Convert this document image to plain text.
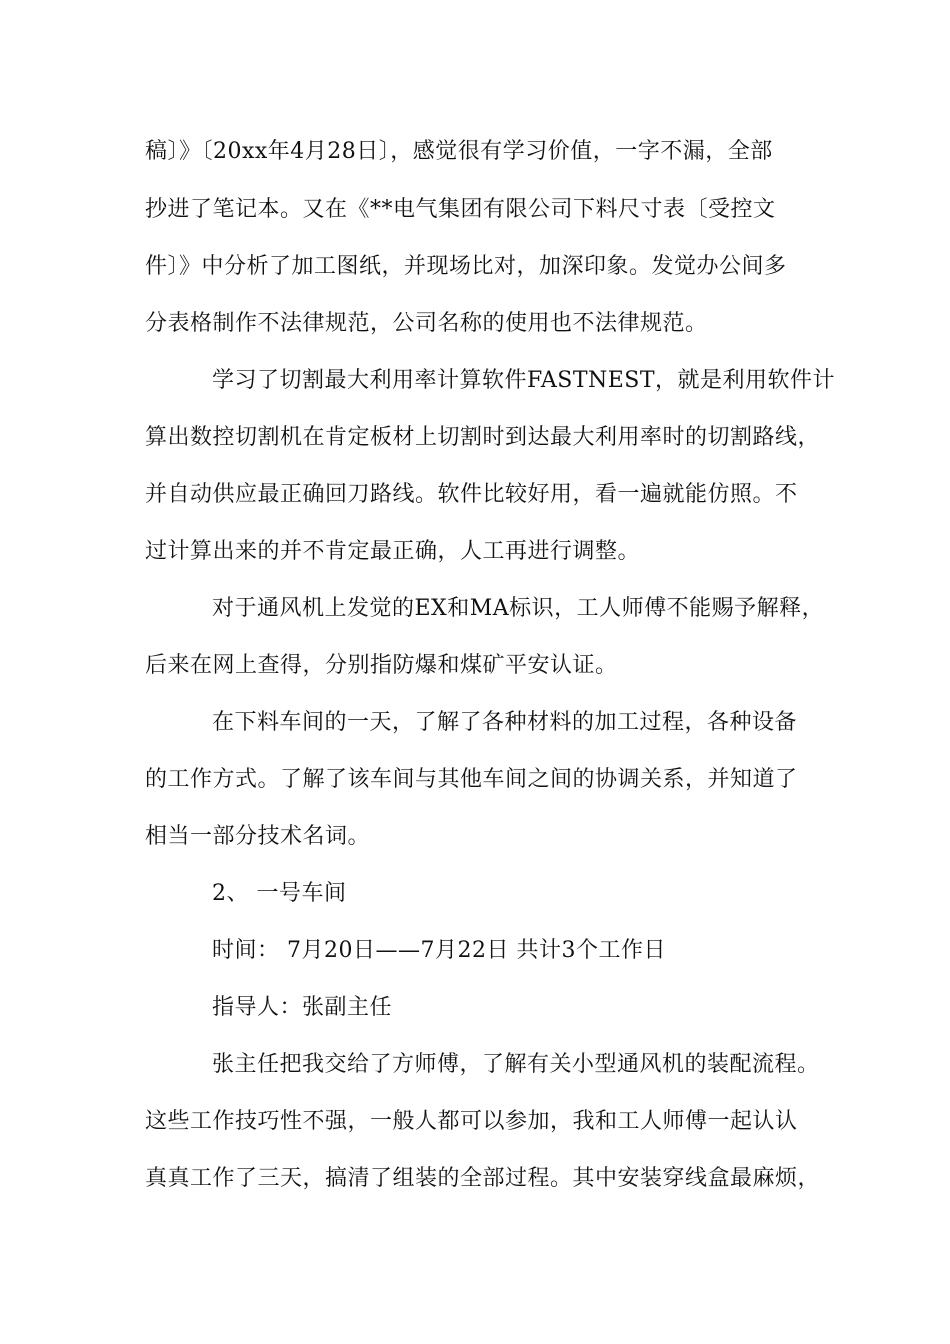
稿〕》〔20xx年4月28日〕，感觉很有学习价值，一字不漏，全部
抄进了笔记本。又在《**电气集团有限公司下料尺寸表〔受控文
件〕》中分析了加工图纸，并现场比对，加深印象。发觉办公间多
分表格制作不法律规范，公司名称的使用也不法律规范。
学习了切割最大利用率计算软件FASTNEST，就是利用软件计
算出数控切割机在肯定板材上切割时到达最大利用率时的切割路线，
并自动供应最正确回刀路线。软件比较好用，看一遍就能仿照。不
过计算出来的并不肯定最正确，人工再进行调整。
对于通风机上发觉的EX和MA标识，工人师傅不能赐予解释，
后来在网上查得，分别指防爆和煤矿平安认证。
在下料车间的一天，了解了各种材料的加工过程，各种设备
的工作方式。了解了该车间与其他车间之间的协调关系，并知道了
相当一部分技术名词。
2、 一号车间
时间： 7月20日——7月22日 共计3个工作日
指导人：张副主任
张主任把我交给了方师傅，了解有关小型通风机的装配流程。
这些工作技巧性不强，一般人都可以参加，我和工人师傅一起认认
真真工作了三天，搞清了组装的全部过程。其中安装穿线盒最麻烦，
